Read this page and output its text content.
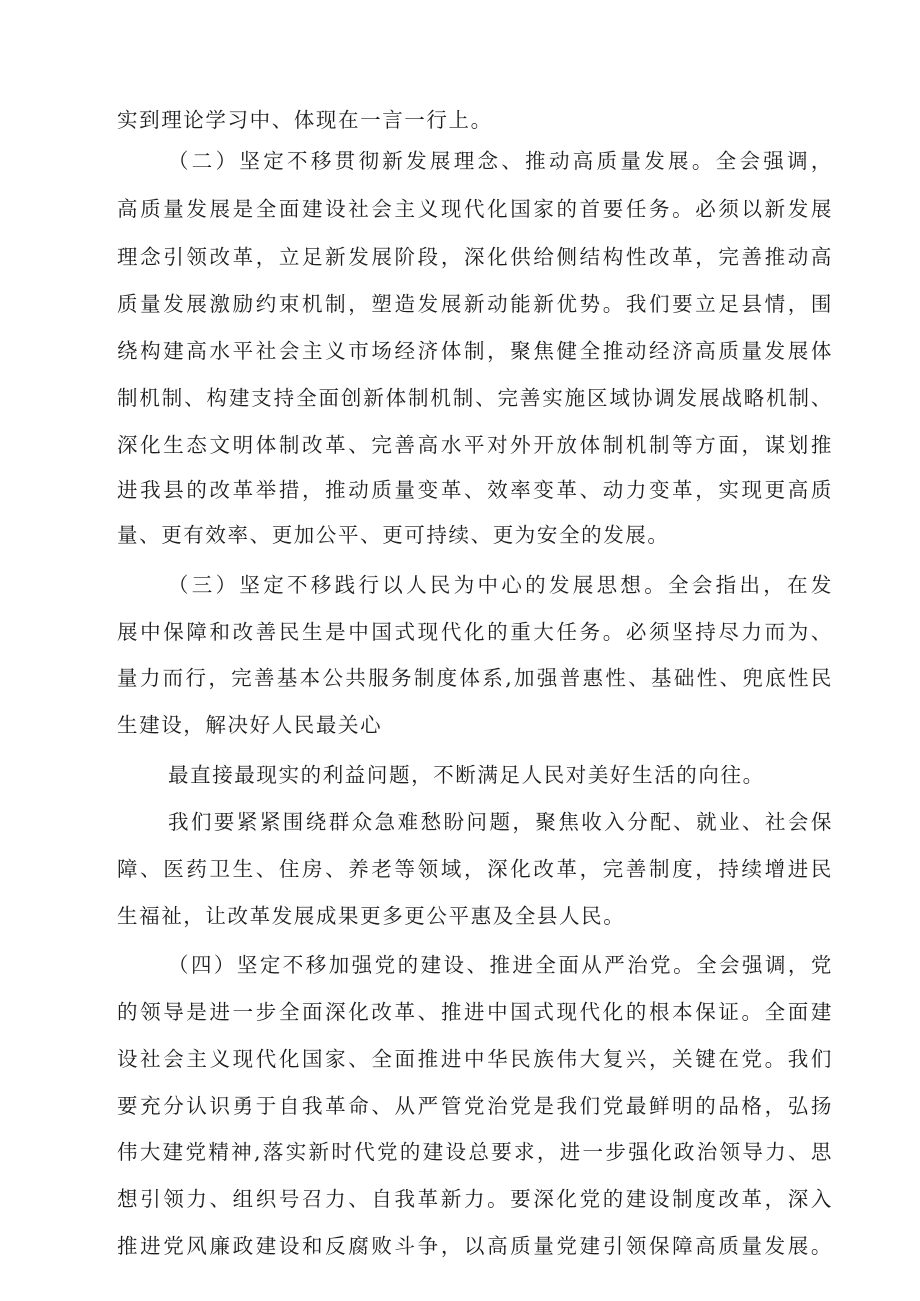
实到理论学习中、体现在一言一行上。

（二）坚定不移贯彻新发展理念、推动高质量发展。全会强调，

高质量发展是全面建设社会主义现代化国家的首要任务。必须以新发展

理念引领改革，立足新发展阶段，深化供给侧结构性改革，完善推动高

质量发展激励约束机制，塑造发展新动能新优势。我们要立足县情，围

绕构建高水平社会主义市场经济体制，聚焦健全推动经济高质量发展体

制机制、构建支持全面创新体制机制、完善实施区域协调发展战略机制、

深化生态文明体制改革、完善高水平对外开放体制机制等方面，谋划推

进我县的改革举措，推动质量变革、效率变革、动力变革，实现更高质

量、更有效率、更加公平、更可持续、更为安全的发展。

（三）坚定不移践行以人民为中心的发展思想。全会指出，在发

展中保障和改善民生是中国式现代化的重大任务。必须坚持尽力而为、

量力而行，完善基本公共服务制度体系,加强普惠性、基础性、兜底性民

生建设，解决好人民最关心

最直接最现实的利益问题，不断满足人民对美好生活的向往。

我们要紧紧围绕群众急难愁盼问题，聚焦收入分配、就业、社会保

障、医药卫生、住房、养老等领域，深化改革，完善制度，持续增进民

生福祉，让改革发展成果更多更公平惠及全县人民。

（四）坚定不移加强党的建设、推进全面从严治党。全会强调，党

的领导是进一步全面深化改革、推进中国式现代化的根本保证。全面建

设社会主义现代化国家、全面推进中华民族伟大复兴，关键在党。我们

要充分认识勇于自我革命、从严管党治党是我们党最鲜明的品格，弘扬

伟大建党精神,落实新时代党的建设总要求，进一步强化政治领导力、思

想引领力、组织号召力、自我革新力。要深化党的建设制度改革，深入

推进党风廉政建设和反腐败斗争，以高质量党建引领保障高质量发展。
